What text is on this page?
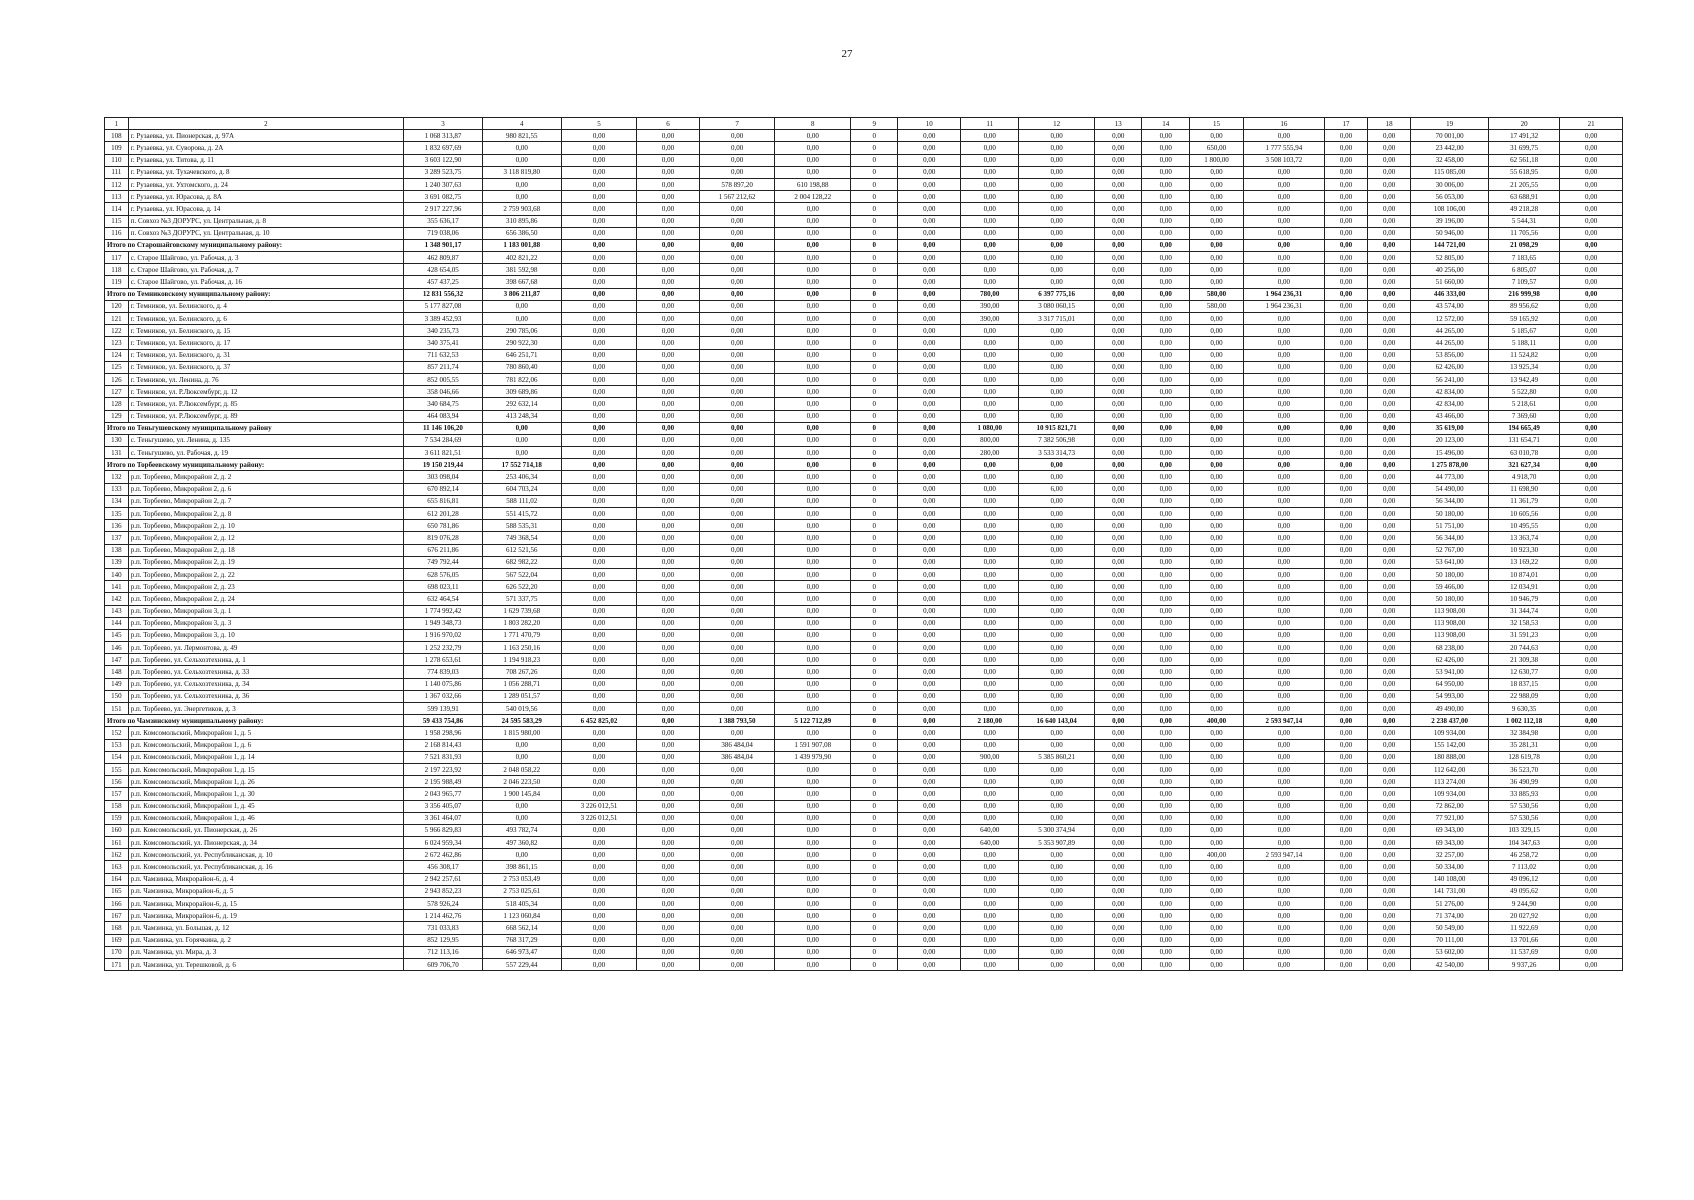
27
1	2	3	4	5	6	7	8	9	10	11	12	13	14	15	16	17	18	19	20	21
108	г. Рузаевка, ул. Пионерская, д. 97А	1 068 313,87	980 821,55	0,00	0,00	0,00	0,00	0	0,00	0,00	0,00	0,00	0,00	0,00	0,00	0,00	0,00	70 001,00	17 491,32	0,00
109	г. Рузаевка, ул. Суворова, д. 2А	1 832 697,69	0,00	0,00	0,00	0,00	0,00	0	0,00	0,00	0,00	0,00	0,00	650,00	1 777 555,94	0,00	0,00	23 442,00	31 699,75	0,00
110	г. Рузаевка, ул. Титова, д. 11	3 603 122,90	0,00	0,00	0,00	0,00	0,00	0	0,00	0,00	0,00	0,00	0,00	1 800,00	3 508 103,72	0,00	0,00	32 458,00	62 561,18	0,00
111	г. Рузаевка, ул. Тухачевского, д. 8	3 289 523,75	3 118 819,80	0,00	0,00	0,00	0,00	0	0,00	0,00	0,00	0,00	0,00	0,00	0,00	0,00	0,00	115 085,00	55 618,95	0,00
112	г. Рузаевка, ул. Ухтомского, д. 24	1 240 307,63	0,00	0,00	0,00	578 897,20	610 198,88	0	0,00	0,00	0,00	0,00	0,00	0,00	0,00	0,00	0,00	30 006,00	21 205,55	0,00
113	г. Рузаевка, ул. Юрасова, д. 8А	3 691 082,75	0,00	0,00	0,00	1 567 212,62	2 004 128,22	0	0,00	0,00	0,00	0,00	0,00	0,00	0,00	0,00	0,00	56 053,00	63 688,91	0,00
114	г. Рузаевка, ул. Юрасова, д. 14	2 917 227,96	2 759 903,68	0,00	0,00	0,00	0,00	0	0,00	0,00	0,00	0,00	0,00	0,00	0,00	0,00	0,00	108 106,00	49 218,28	0,00
115	п. Совхоз №3 ДОРУРС, ул. Центральная, д. 8	355 636,17	310 895,86	0,00	0,00	0,00	0,00	0	0,00	0,00	0,00	0,00	0,00	0,00	0,00	0,00	0,00	39 196,00	5 544,31	0,00
116	п. Совхоз №3 ДОРУРС, ул. Центральная, д. 10	719 038,06	656 386,50	0,00	0,00	0,00	0,00	0	0,00	0,00	0,00	0,00	0,00	0,00	0,00	0,00	0,00	50 946,00	11 705,56	0,00
Итого по Старошайговскому муниципальному району:		1 348 901,17	1 183 001,88	0,00	0,00	0,00	0,00	0	0,00	0,00	0,00	0,00	0,00	0,00	0,00	0,00	0,00	144 721,00	21 098,29	0,00
117	с. Старое Шайгово, ул. Рабочая, д. 3	462 809,87	402 821,22	0,00	0,00	0,00	0,00	0	0,00	0,00	0,00	0,00	0,00	0,00	0,00	0,00	0,00	52 805,00	7 183,65	0,00
118	с. Старое Шайгово, ул. Рабочая, д. 7	428 654,05	381 592,98	0,00	0,00	0,00	0,00	0	0,00	0,00	0,00	0,00	0,00	0,00	0,00	0,00	0,00	40 256,00	6 805,07	0,00
119	с. Старое Шайгово, ул. Рабочая, д. 16	457 437,25	398 667,68	0,00	0,00	0,00	0,00	0	0,00	0,00	0,00	0,00	0,00	0,00	0,00	0,00	0,00	51 660,00	7 109,57	0,00
Итого по Темниковскому муниципальному району:		12 831 556,32	3 806 211,87	0,00	0,00	0,00	0,00	0	0,00	780,00	6 397 775,16	0,00	0,00	580,00	1 964 236,31	0,00	0,00	446 333,00	216 999,98	0,00
120	г. Темников, ул. Белинского, д. 4	5 177 827,08	0,00	0,00	0,00	0,00	0,00	0	0,00	390,00	3 080 060,15	0,00	0,00	580,00	1 964 236,31	0,00	0,00	43 574,00	89 956,62	0,00
121	г. Темников, ул. Белинского, д. 6	3 389 452,93	0,00	0,00	0,00	0,00	0,00	0	0,00	390,00	3 317 715,01	0,00	0,00	0,00	0,00	0,00	0,00	12 572,00	59 165,92	0,00
122	г. Темников, ул. Белинского, д. 15	340 235,73	290 785,06	0,00	0,00	0,00	0,00	0	0,00	0,00	0,00	0,00	0,00	0,00	0,00	0,00	0,00	44 265,00	5 185,67	0,00
123	г. Темников, ул. Белинского, д. 17	340 375,41	290 922,30	0,00	0,00	0,00	0,00	0	0,00	0,00	0,00	0,00	0,00	0,00	0,00	0,00	0,00	44 265,00	5 188,11	0,00
124	г. Темников, ул. Белинского, д. 31	711 632,53	646 251,71	0,00	0,00	0,00	0,00	0	0,00	0,00	0,00	0,00	0,00	0,00	0,00	0,00	0,00	53 856,00	11 524,82	0,00
125	г. Темников, ул. Белинского, д. 37	857 211,74	780 860,40	0,00	0,00	0,00	0,00	0	0,00	0,00	0,00	0,00	0,00	0,00	0,00	0,00	0,00	62 426,00	13 925,34	0,00
126	г. Темников, ул. Ленина, д. 76	852 005,55	781 822,06	0,00	0,00	0,00	0,00	0	0,00	0,00	0,00	0,00	0,00	0,00	0,00	0,00	0,00	56 241,00	13 942,49	0,00
127	г. Темников, ул. Р.Люксембург, д. 12	358 046,66	309 689,86	0,00	0,00	0,00	0,00	0	0,00	0,00	0,00	0,00	0,00	0,00	0,00	0,00	0,00	42 834,00	5 522,80	0,00
128	г. Темников, ул. Р.Люксембург, д. 85	340 684,75	292 632,14	0,00	0,00	0,00	0,00	0	0,00	0,00	0,00	0,00	0,00	0,00	0,00	0,00	0,00	42 834,00	5 218,61	0,00
129	г. Темников, ул. Р.Люксембург, д. 89	464 083,94	413 248,34	0,00	0,00	0,00	0,00	0	0,00	0,00	0,00	0,00	0,00	0,00	0,00	0,00	0,00	43 466,00	7 369,60	0,00
Итого по Теньгушевскому муниципальному району		11 146 106,20	0,00	0,00	0,00	0,00	0,00	0	0,00	1 080,00	10 915 821,71	0,00	0,00	0,00	0,00	0,00	0,00	35 619,00	194 665,49	0,00
130	с. Теньгушево, ул. Ленина, д. 135	7 534 284,69	0,00	0,00	0,00	0,00	0,00	0	0,00	800,00	7 382 506,98	0,00	0,00	0,00	0,00	0,00	0,00	20 123,00	131 654,71	0,00
131	с. Теньгушево, ул. Рабочая, д. 19	3 611 821,51	0,00	0,00	0,00	0,00	0,00	0	0,00	280,00	3 533 314,73	0,00	0,00	0,00	0,00	0,00	0,00	15 496,00	63 010,78	0,00
Итого по Торбеевскому муниципальному району:		19 150 219,44	17 552 714,18	0,00	0,00	0,00	0,00	0	0,00	0,00	0,00	0,00	0,00	0,00	0,00	0,00	0,00	1 275 878,00	321 627,34	0,00
132	р.п. Торбеево, Микрорайон 2, д. 2	303 098,04	253 406,34	0,00	0,00	0,00	0,00	0	0,00	0,00	0,00	0,00	0,00	0,00	0,00	0,00	0,00	44 773,00	4 918,70	0,00
133	р.п. Торбеево, Микрорайон 2, д. 6	670 892,14	604 703,24	0,00	0,00	0,00	0,00	0	0,00	0,00	6,00	0,00	0,00	0,00	0,00	0,00	0,00	54 490,00	11 698,90	0,00
134	р.п. Торбеево, Микрорайон 2, д. 7	655 816,81	588 111,02	0,00	0,00	0,00	0,00	0	0,00	0,00	0,00	0,00	0,00	0,00	0,00	0,00	0,00	56 344,00	11 361,79	0,00
135	р.п. Торбеево, Микрорайон 2, д. 8	612 201,28	551 415,72	0,00	0,00	0,00	0,00	0	0,00	0,00	0,00	0,00	0,00	0,00	0,00	0,00	0,00	50 180,00	10 605,56	0,00
136	р.п. Торбеево, Микрорайон 2, д. 10	650 781,86	588 535,31	0,00	0,00	0,00	0,00	0	0,00	0,00	0,00	0,00	0,00	0,00	0,00	0,00	0,00	51 751,00	10 495,55	0,00
137	р.п. Торбеево, Микрорайон 2, д. 12	819 076,28	749 368,54	0,00	0,00	0,00	0,00	0	0,00	0,00	0,00	0,00	0,00	0,00	0,00	0,00	0,00	56 344,00	13 363,74	0,00
138	р.п. Торбеево, Микрорайон 2, д. 18	676 211,86	612 521,56	0,00	0,00	0,00	0,00	0	0,00	0,00	0,00	0,00	0,00	0,00	0,00	0,00	0,00	52 767,00	10 923,30	0,00
139	р.п. Торбеево, Микрорайон 2, д. 19	749 792,44	682 982,22	0,00	0,00	0,00	0,00	0	0,00	0,00	0,00	0,00	0,00	0,00	0,00	0,00	0,00	53 641,00	13 169,22	0,00
140	р.п. Торбеево, Микрорайон 2, д. 22	628 576,05	567 522,04	0,00	0,00	0,00	0,00	0	0,00	0,00	0,00	0,00	0,00	0,00	0,00	0,00	0,00	50 180,00	10 874,01	0,00
141	р.п. Торбеево, Микрорайон 2, д. 23	698 023,11	626 522,20	0,00	0,00	0,00	0,00	0	0,00	0,00	0,00	0,00	0,00	0,00	0,00	0,00	0,00	59 466,00	12 034,91	0,00
142	р.п. Торбеево, Микрорайон 2, д. 24	632 464,54	571 337,75	0,00	0,00	0,00	0,00	0	0,00	0,00	0,00	0,00	0,00	0,00	0,00	0,00	0,00	50 180,00	10 946,79	0,00
143	р.п. Торбеево, Микрорайон 3, д. 1	1 774 992,42	1 629 739,68	0,00	0,00	0,00	0,00	0	0,00	0,00	0,00	0,00	0,00	0,00	0,00	0,00	0,00	113 908,00	31 344,74	0,00
144	р.п. Торбеево, Микрорайон 3, д. 3	1 949 348,73	1 803 282,20	0,00	0,00	0,00	0,00	0	0,00	0,00	0,00	0,00	0,00	0,00	0,00	0,00	0,00	113 908,00	32 158,53	0,00
145	р.п. Торбеево, Микрорайон 3, д. 10	1 916 970,02	1 771 470,79	0,00	0,00	0,00	0,00	0	0,00	0,00	0,00	0,00	0,00	0,00	0,00	0,00	0,00	113 908,00	31 591,23	0,00
146	р.п. Торбеево, ул. Лермонтова, д. 49	1 252 232,79	1 163 250,16	0,00	0,00	0,00	0,00	0	0,00	0,00	0,00	0,00	0,00	0,00	0,00	0,00	0,00	68 238,00	20 744,63	0,00
147	р.п. Торбеево, ул. Сельхозтехника, д. 1	1 278 653,61	1 194 918,23	0,00	0,00	0,00	0,00	0	0,00	0,00	0,00	0,00	0,00	0,00	0,00	0,00	0,00	62 426,00	21 309,38	0,00
148	р.п. Торбеево, ул. Сельхозтехника, д. 33	774 839,03	708 267,26	0,00	0,00	0,00	0,00	0	0,00	0,00	0,00	0,00	0,00	0,00	0,00	0,00	0,00	53 941,00	12 630,77	0,00
149	р.п. Торбеево, ул. Сельхозтехника, д. 34	1 140 075,86	1 056 288,71	0,00	0,00	0,00	0,00	0	0,00	0,00	0,00	0,00	0,00	0,00	0,00	0,00	0,00	64 950,00	18 837,15	0,00
150	р.п. Торбеево, ул. Сельхозтехника, д. 36	1 367 032,66	1 289 051,57	0,00	0,00	0,00	0,00	0	0,00	0,00	0,00	0,00	0,00	0,00	0,00	0,00	0,00	54 993,00	22 988,09	0,00
151	р.п. Торбеево, ул. Энергетиков, д. 3	599 139,91	540 019,56	0,00	0,00	0,00	0,00	0	0,00	0,00	0,00	0,00	0,00	0,00	0,00	0,00	0,00	49 490,00	9 630,35	0,00
Итого по Чамзинскому муниципальному району:		59 433 754,86	24 595 583,29	6 452 825,02	0,00	1 388 793,50	5 122 712,89	0	0,00	2 180,00	16 640 143,04	0,00	0,00	400,00	2 593 947,14	0,00	0,00	2 238 437,00	1 002 112,18	0,00
152	р.п. Комсомольский, Микрорайон 1, д. 5	1 958 298,96	1 815 980,00	0,00	0,00	0,00	0,00	0	0,00	0,00	0,00	0,00	0,00	0,00	0,00	0,00	0,00	109 934,00	32 384,98	0,00
153	р.п. Комсомольский, Микрорайон 1, д. 6	2 168 814,43	0,00	0,00	0,00	386 484,04	1 591 907,08	0	0,00	0,00	0,00	0,00	0,00	0,00	0,00	0,00	0,00	155 142,00	35 281,31	0,00
154	р.п. Комсомольский, Микрорайон 1, д. 14	7 521 831,93	0,00	0,00	0,00	386 484,04	1 439 979,90	0	0,00	900,00	5 385 860,21	0,00	0,00	0,00	0,00	0,00	0,00	180 888,00	128 619,78	0,00
155	р.п. Комсомольский, Микрорайон 1, д. 15	2 197 223,92	2 048 058,22	0,00	0,00	0,00	0,00	0	0,00	0,00	0,00	0,00	0,00	0,00	0,00	0,00	0,00	112 642,00	36 523,70	0,00
156	р.п. Комсомольский, Микрорайон 1, д. 26	2 195 988,49	2 046 223,50	0,00	0,00	0,00	0,00	0	0,00	0,00	0,00	0,00	0,00	0,00	0,00	0,00	0,00	113 274,00	36 490,99	0,00
157	р.п. Комсомольский, Микрорайон 1, д. 30	2 043 965,77	1 900 145,84	0,00	0,00	0,00	0,00	0	0,00	0,00	0,00	0,00	0,00	0,00	0,00	0,00	0,00	109 934,00	33 885,93	0,00
158	р.п. Комсомольский, Микрорайон 1, д. 45	3 356 405,07	0,00	3 226 012,51	0,00	0,00	0,00	0	0,00	0,00	0,00	0,00	0,00	0,00	0,00	0,00	0,00	72 862,00	57 530,56	0,00
159	р.п. Комсомольский, Микрорайон 1, д. 46	3 361 464,07	0,00	3 226 012,51	0,00	0,00	0,00	0	0,00	0,00	0,00	0,00	0,00	0,00	0,00	0,00	0,00	77 921,00	57 530,56	0,00
160	р.п. Комсомольский, ул. Пионерская, д. 26	5 966 829,83	493 782,74	0,00	0,00	0,00	0,00	0	0,00	640,00	5 300 374,94	0,00	0,00	0,00	0,00	0,00	0,00	69 343,00	103 329,15	0,00
161	р.п. Комсомольский, ул. Пионерская, д. 34	6 024 959,34	497 360,82	0,00	0,00	0,00	0,00	0	0,00	640,00	5 353 907,89	0,00	0,00	0,00	0,00	0,00	0,00	69 343,00	104 347,63	0,00
162	р.п. Комсомольский, ул. Республиканская, д. 10	2 672 462,86	0,00	0,00	0,00	0,00	0,00	0	0,00	0,00	0,00	0,00	0,00	400,00	2 593 947,14	0,00	0,00	32 257,00	46 258,72	0,00
163	р.п. Комсомольский, ул. Республиканская, д. 16	456 308,17	398 861,15	0,00	0,00	0,00	0,00	0	0,00	0,00	0,00	0,00	0,00	0,00	0,00	0,00	0,00	50 334,00	7 113,02	0,00
164	р.п. Чамзинка, Микрорайон-6, д. 4	2 942 257,61	2 753 053,49	0,00	0,00	0,00	0,00	0	0,00	0,00	0,00	0,00	0,00	0,00	0,00	0,00	0,00	140 108,00	49 096,12	0,00
165	р.п. Чамзинка, Микрорайон-6, д. 5	2 943 852,23	2 753 025,61	0,00	0,00	0,00	0,00	0	0,00	0,00	0,00	0,00	0,00	0,00	0,00	0,00	0,00	141 731,00	49 095,62	0,00
166	р.п. Чамзинка, Микрорайон-6, д. 15	578 926,24	518 405,34	0,00	0,00	0,00	0,00	0	0,00	0,00	0,00	0,00	0,00	0,00	0,00	0,00	0,00	51 276,00	9 244,90	0,00
167	р.п. Чамзинка, Микрорайон-6, д. 19	1 214 462,76	1 123 060,84	0,00	0,00	0,00	0,00	0	0,00	0,00	0,00	0,00	0,00	0,00	0,00	0,00	0,00	71 374,00	20 027,92	0,00
168	р.п. Чамзинка, ул. Большая, д. 12	731 033,83	668 562,14	0,00	0,00	0,00	0,00	0	0,00	0,00	0,00	0,00	0,00	0,00	0,00	0,00	0,00	50 549,00	11 922,69	0,00
169	р.п. Чамзинка, ул. Горячкина, д. 2	852 129,95	768 317,29	0,00	0,00	0,00	0,00	0	0,00	0,00	0,00	0,00	0,00	0,00	0,00	0,00	0,00	70 111,00	13 701,66	0,00
170	р.п. Чамзинка, ул. Мира, д. 3	712 113,16	646 973,47	0,00	0,00	0,00	0,00	0	0,00	0,00	0,00	0,00	0,00	0,00	0,00	0,00	0,00	53 602,00	11 537,69	0,00
171	р.п. Чамзинка, ул. Терешковой, д. 6	609 706,70	557 229,44	0,00	0,00	0,00	0,00	0	0,00	0,00	0,00	0,00	0,00	0,00	0,00	0,00	0,00	42 540,00	9 937,26	0,00
